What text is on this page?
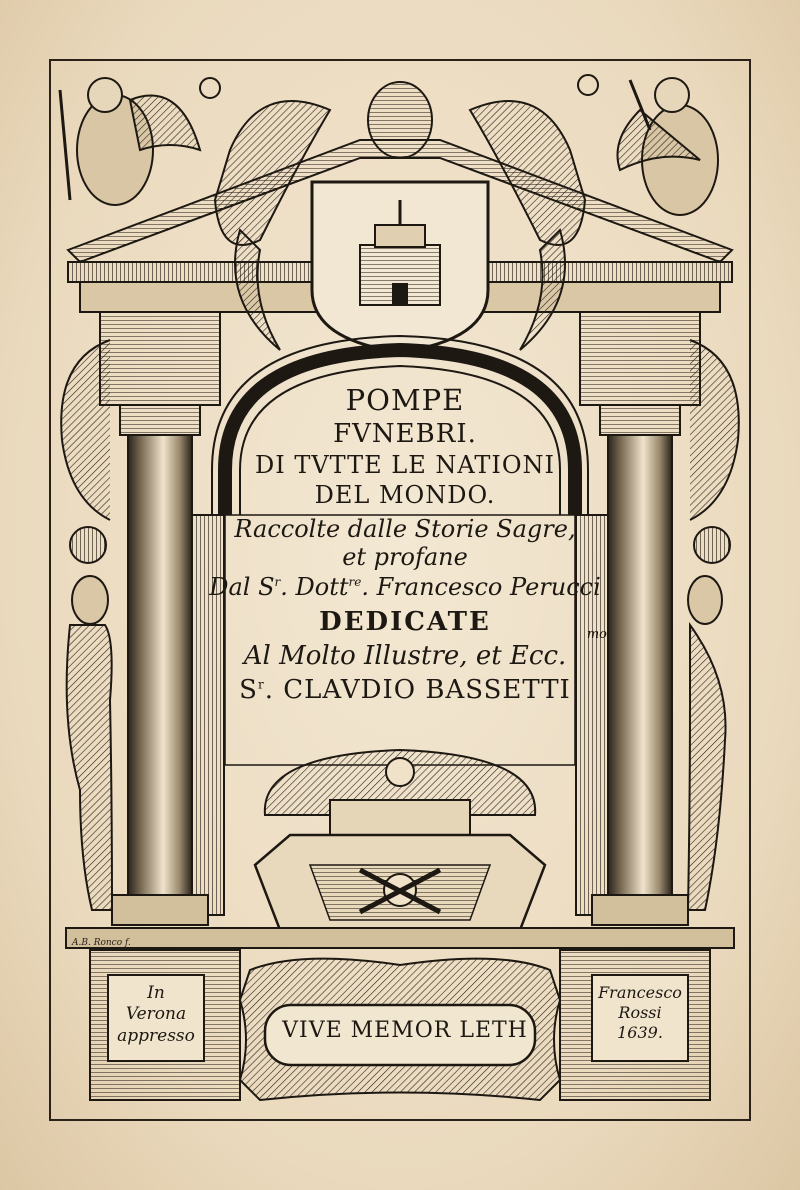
POMPE
FVNEBRI.
DI TVTTE LE NATIONI
DEL MONDO.
Raccolte dalle Storie Sagre,
et profane
Dal $S^r$. Dott$^{re}$. Francesco Perucci
DEDICATE
Al Molto Illustre, et Ecc.
mo
$S^r$. CLAVDIO BASSETTI
A.B. Ronco f.
In
Verona
appresso
Francesco
Rossi
1639.
VIVE MEMOR LETH
